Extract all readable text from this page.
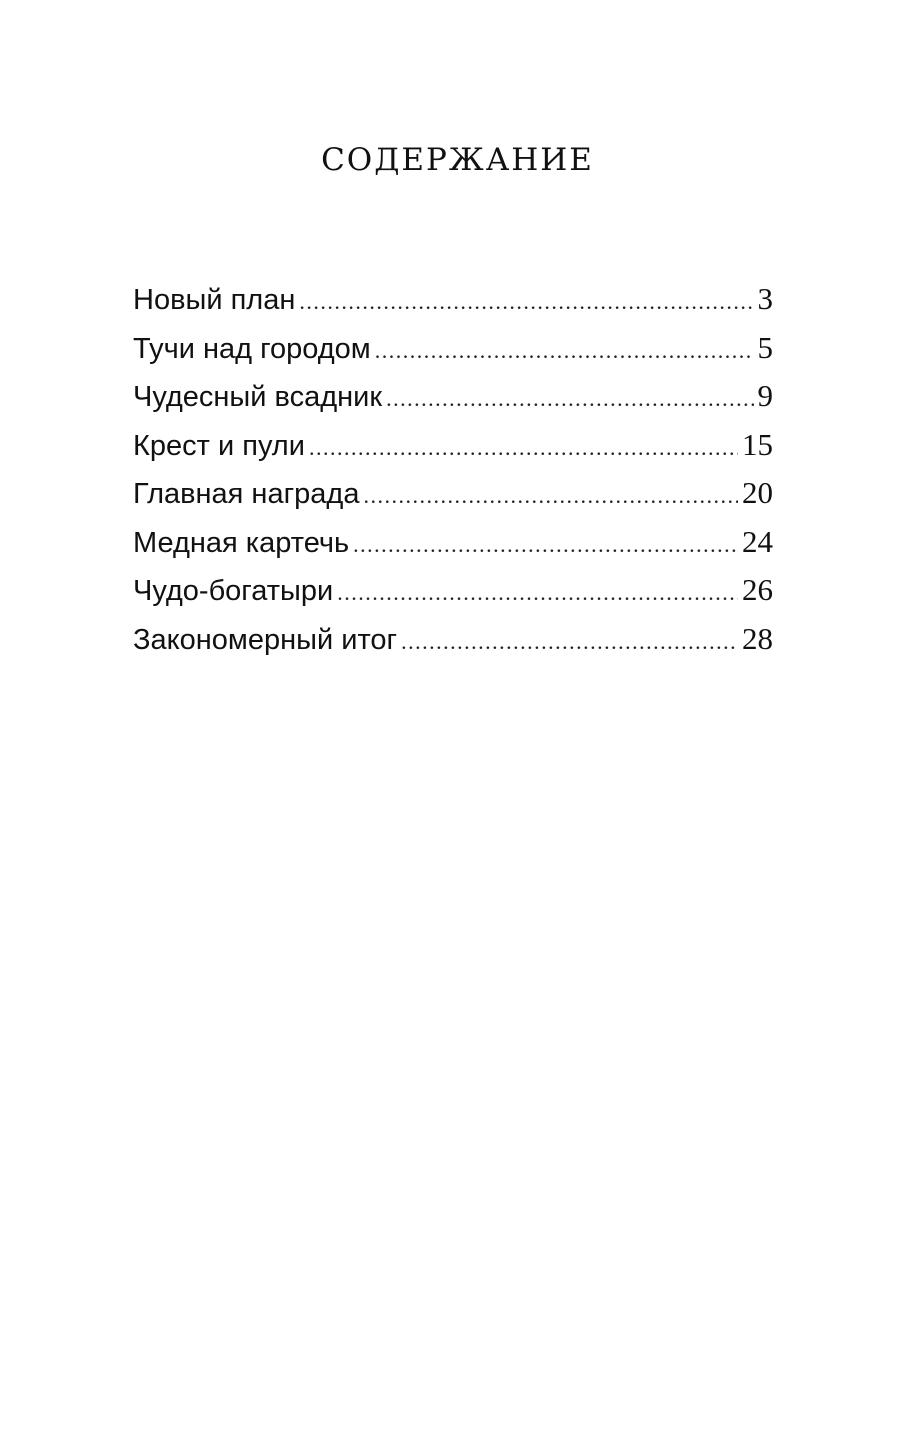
СОДЕРЖАНИЕ
Новый план .....	3
Тучи над городом .....	5
Чудесный всадник .....	9
Крест и пули .....	15
Главная награда .....	20
Медная картечь .....	24
Чудо-богатыри .....	26
Закономерный итог .....	28
